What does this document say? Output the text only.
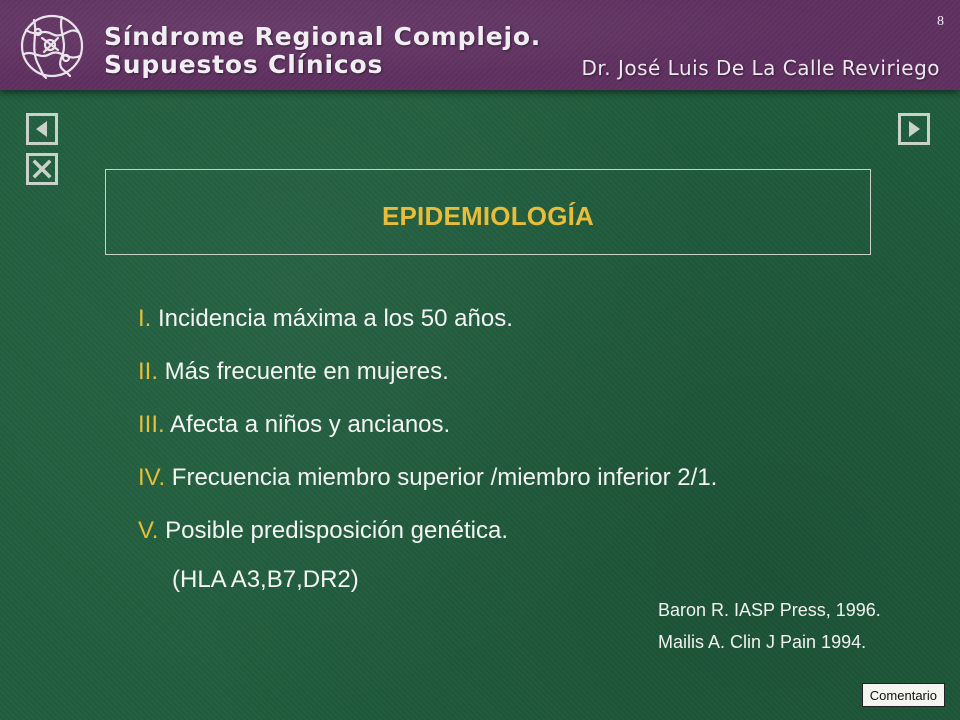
Síndrome Regional Complejo.
Supuestos Clínicos	Dr. José Luis De La Calle Reviriego
8
EPIDEMIOLOGÍA
I. Incidencia máxima a los 50 años.
II. Más frecuente en mujeres.
III. Afecta a niños y ancianos.
IV. Frecuencia miembro superior /miembro inferior 2/1.
V. Posible predisposición genética.
(HLA A3,B7,DR2)
Baron R. IASP Press, 1996.
Mailis A. Clin J Pain 1994.
Comentario
